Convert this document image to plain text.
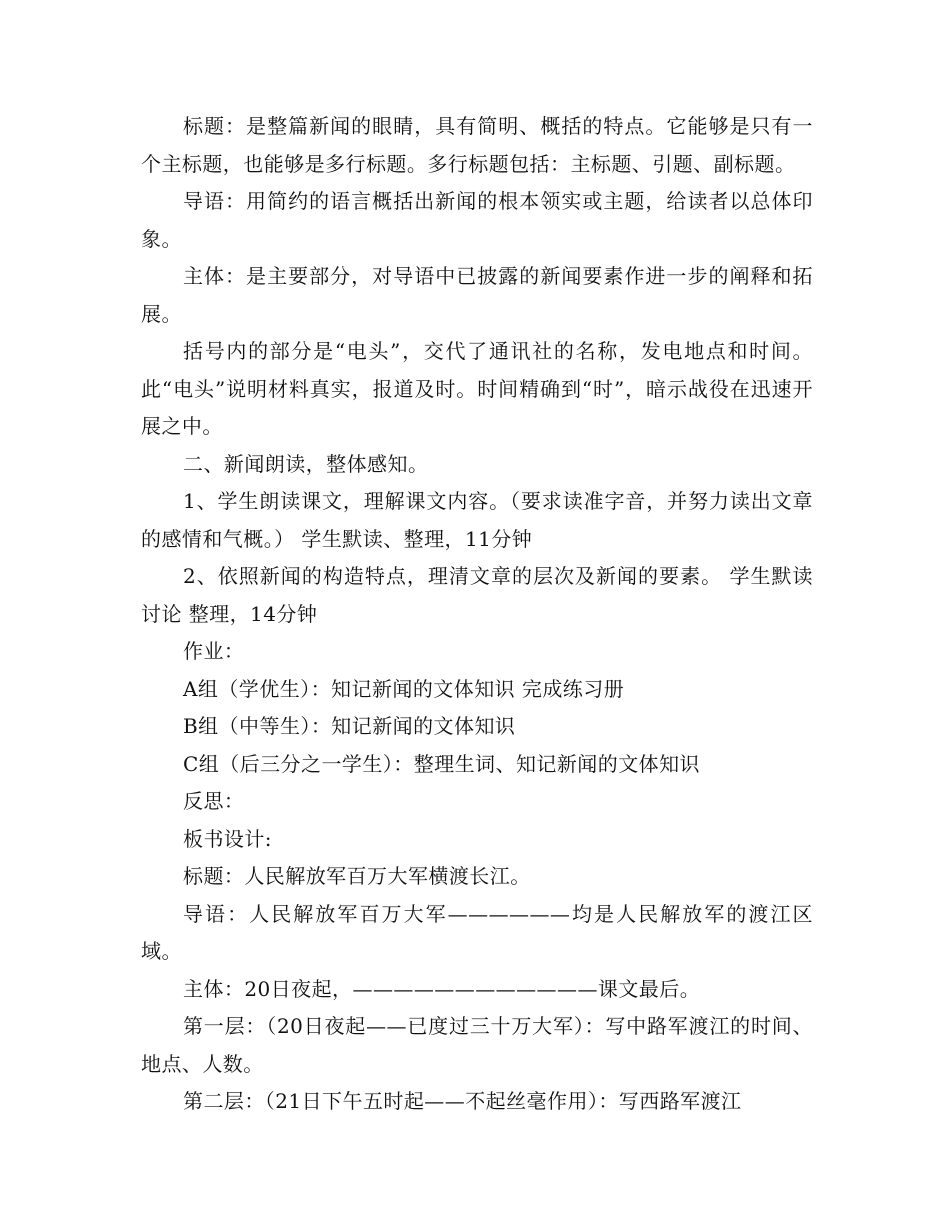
标题：是整篇新闻的眼睛，具有简明、概括的特点。它能够是只有一个主标题，也能够是多行标题。多行标题包括：主标题、引题、副标题。

导语：用简约的语言概括出新闻的根本领实或主题，给读者以总体印象。

主体：是主要部分，对导语中已披露的新闻要素作进一步的阐释和拓展。

括号内的部分是“电头”，交代了通讯社的名称，发电地点和时间。此“电头”说明材料真实，报道及时。时间精确到“时”，暗示战役在迅速开展之中。

二、新闻朗读，整体感知。

1、学生朗读课文，理解课文内容。（要求读准字音，并努力读出文章的感情和气概。） 学生默读、整理，11分钟

2、依照新闻的构造特点，理清文章的层次及新闻的要素。 学生默读 讨论 整理，14分钟

作业：

A组（学优生）：知记新闻的文体知识 完成练习册

B组（中等生）：知记新闻的文体知识

C组（后三分之一学生）：整理生词、知记新闻的文体知识

反思：

板书设计:

标题：人民解放军百万大军横渡长江。

导语：人民解放军百万大军——————均是人民解放军的渡江区域。

主体：20日夜起，————————————课文最后。

第一层：（20日夜起——已度过三十万大军）：写中路军渡江的时间、地点、人数。

第二层：（21日下午五时起——不起丝毫作用）：写西路军渡江
